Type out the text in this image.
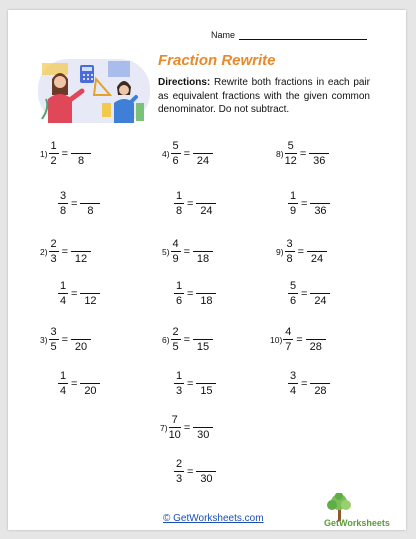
Name
Fraction Rewrite
Directions: Rewrite both fractions in each pair as equivalent fractions with the given common denominator. Do not subtract.
$1) \frac{1}{2}$ =
8
$\frac{3}{8}$ =
8
$2) \frac{2}{3}$ =
12
$\frac{1}{4}$ =
12
$3) \frac{3}{5}$ =
20
$\frac{1}{4}$ =
20
$4) \frac{5}{6}$ =
24
$\frac{1}{8}$ =
24
$5) \frac{4}{9}$ =
18
$\frac{1}{6}$ =
18
$6) \frac{2}{5}$ =
15
$\frac{1}{3}$ =
15
$7) \frac{7}{10}$ =
30
$\frac{2}{3}$ =
30
$8) \frac{5}{12}$ =
36
$\frac{1}{9}$ =
36
$9) \frac{3}{8}$ =
24
$\frac{5}{6}$ =
24
$10) \frac{4}{7}$ =
28
$\frac{3}{4}$ =
28
© GetWorksheets.com	GetWorksheets
